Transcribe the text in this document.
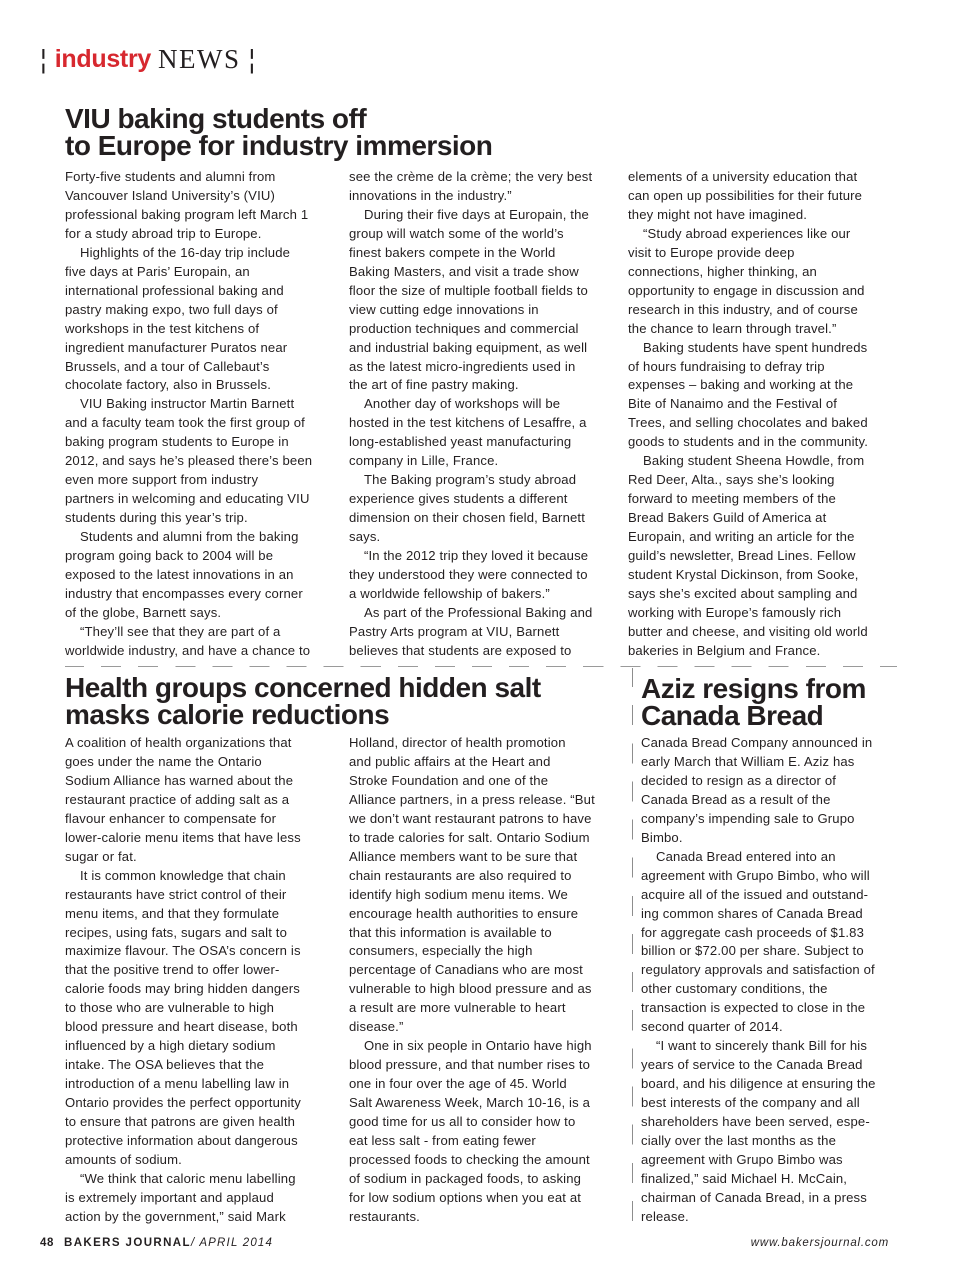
¦ industry NEWS ¦
VIU baking students off
to Europe for industry immersion
Forty-five students and alumni from
Vancouver Island University’s (VIU)
professional baking program left March 1
for a study abroad trip to Europe.
Highlights of the 16-day trip include
five days at Paris’ Europain, an
international professional baking and
pastry making expo, two full days of
workshops in the test kitchens of
ingredient manufacturer Puratos near
Brussels, and a tour of Callebaut’s
chocolate factory, also in Brussels.
VIU Baking instructor Martin Barnett
and a faculty team took the first group of
baking program students to Europe in
2012, and says he’s pleased there’s been
even more support from industry
partners in welcoming and educating VIU
students during this year’s trip.
Students and alumni from the baking
program going back to 2004 will be
exposed to the latest innovations in an
industry that encompasses every corner
of the globe, Barnett says.
“They’ll see that they are part of a
worldwide industry, and have a chance to
see the crème de la crème; the very best
innovations in the industry.”
During their five days at Europain, the
group will watch some of the world’s
finest bakers compete in the World
Baking Masters, and visit a trade show
floor the size of multiple football fields to
view cutting edge innovations in
production techniques and commercial
and industrial baking equipment, as well
as the latest micro-ingredients used in
the art of fine pastry making.
Another day of workshops will be
hosted in the test kitchens of Lesaffre, a
long-established yeast manufacturing
company in Lille, France.
The Baking program’s study abroad
experience gives students a different
dimension on their chosen field, Barnett
says.
“In the 2012 trip they loved it because
they understood they were connected to
a worldwide fellowship of bakers.”
As part of the Professional Baking and
Pastry Arts program at VIU, Barnett
believes that students are exposed to
elements of a university education that
can open up possibilities for their future
they might not have imagined.
“Study abroad experiences like our
visit to Europe provide deep
connections, higher thinking, an
opportunity to engage in discussion and
research in this industry, and of course
the chance to learn through travel.”
Baking students have spent hundreds
of hours fundraising to defray trip
expenses – baking and working at the
Bite of Nanaimo and the Festival of
Trees, and selling chocolates and baked
goods to students and in the community.
Baking student Sheena Howdle, from
Red Deer, Alta., says she’s looking
forward to meeting members of the
Bread Bakers Guild of America at
Europain, and writing an article for the
guild’s newsletter, Bread Lines. Fellow
student Krystal Dickinson, from Sooke,
says she’s excited about sampling and
working with Europe’s famously rich
butter and cheese, and visiting old world
bakeries in Belgium and France.
Health groups concerned hidden salt
masks calorie reductions
A coalition of health organizations that
goes under the name the Ontario
Sodium Alliance has warned about the
restaurant practice of adding salt as a
flavour enhancer to compensate for
lower-calorie menu items that have less
sugar or fat.
It is common knowledge that chain
restaurants have strict control of their
menu items, and that they formulate
recipes, using fats, sugars and salt to
maximize flavour. The OSA’s concern is
that the positive trend to offer lower-
calorie foods may bring hidden dangers
to those who are vulnerable to high
blood pressure and heart disease, both
influenced by a high dietary sodium
intake. The OSA believes that the
introduction of a menu labelling law in
Ontario provides the perfect opportunity
to ensure that patrons are given health
protective information about dangerous
amounts of sodium.
“We think that caloric menu labelling
is extremely important and applaud
action by the government,” said Mark
Holland, director of health promotion
and public affairs at the Heart and
Stroke Foundation and one of the
Alliance partners, in a press release. “But
we don’t want restaurant patrons to have
to trade calories for salt. Ontario Sodium
Alliance members want to be sure that
chain restaurants are also required to
identify high sodium menu items. We
encourage health authorities to ensure
that this information is available to
consumers, especially the high
percentage of Canadians who are most
vulnerable to high blood pressure and as
a result are more vulnerable to heart
disease.”
One in six people in Ontario have high
blood pressure, and that number rises to
one in four over the age of 45. World
Salt Awareness Week, March 10-16, is a
good time for us all to consider how to
eat less salt - from eating fewer
processed foods to checking the amount
of sodium in packaged foods, to asking
for low sodium options when you eat at
restaurants.
Aziz resigns from
Canada Bread
Canada Bread Company announced in
early March that William E. Aziz has
decided to resign as a director of
Canada Bread as a result of the
company’s impending sale to Grupo
Bimbo.
Canada Bread entered into an
agreement with Grupo Bimbo, who will
acquire all of the issued and outstand-
ing common shares of Canada Bread
for aggregate cash proceeds of $1.83
billion or $72.00 per share. Subject to
regulatory approvals and satisfaction of
other customary conditions, the
transaction is expected to close in the
second quarter of 2014.
“I want to sincerely thank Bill for his
years of service to the Canada Bread
board, and his diligence at ensuring the
best interests of the company and all
shareholders have been served, espe-
cially over the last months as the
agreement with Grupo Bimbo was
finalized,” said Michael H. McCain,
chairman of Canada Bread, in a press
release.
48 BAKERS JOURNAL/ APRIL 2014	www.bakersjournal.com
